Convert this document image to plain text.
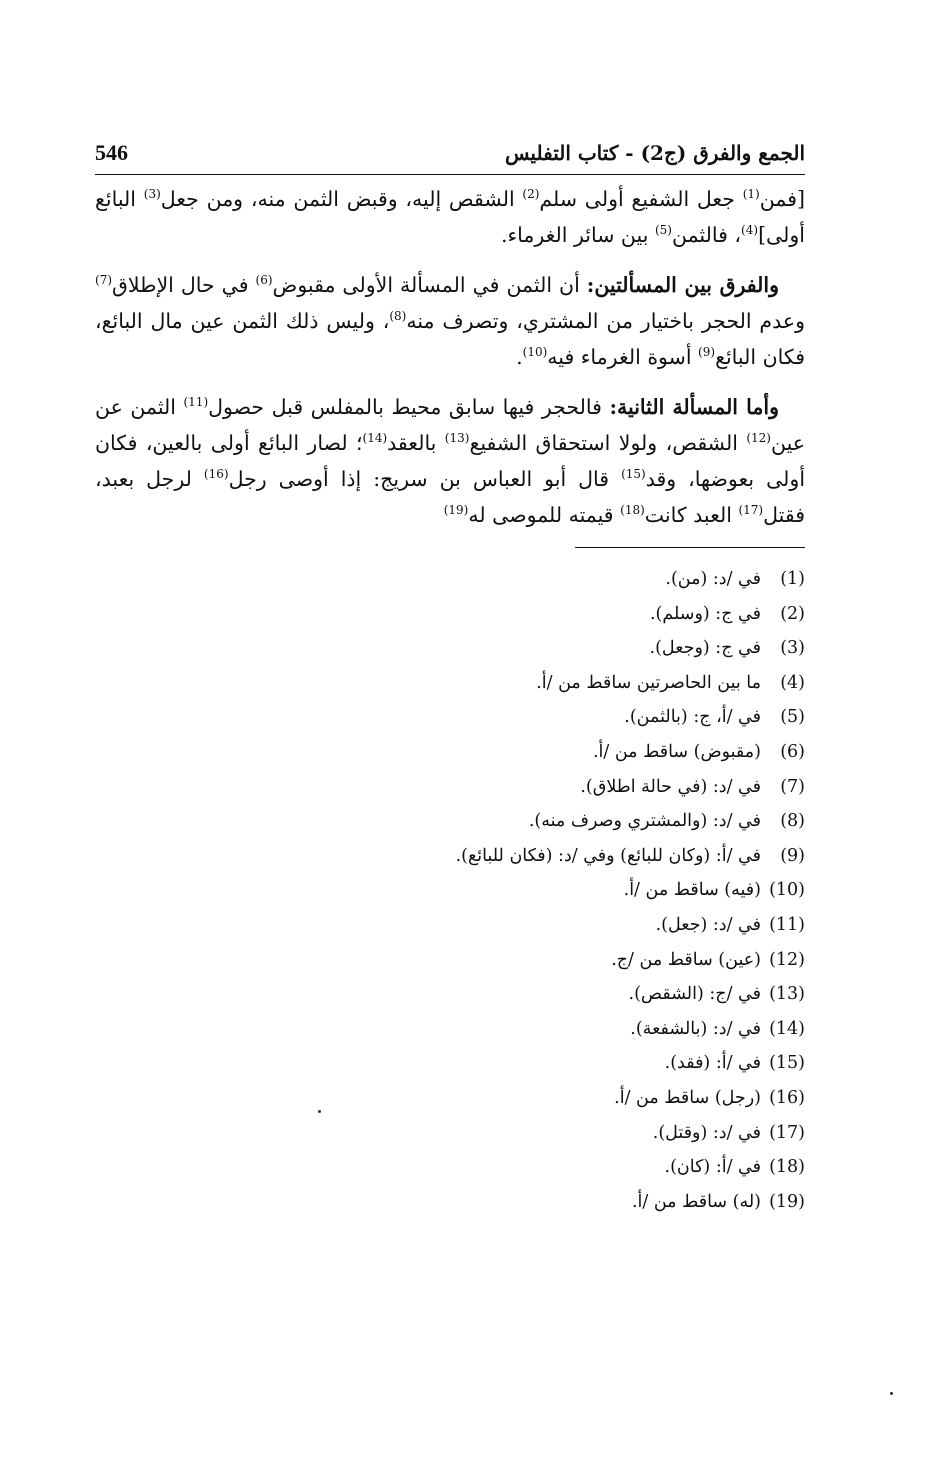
الجمع والفرق (ج2) - كتاب التفليس
546

[فمن$^{(1)}$ جعل الشفيع أولى سلم$^{(2)}$ الشقص إليه، وقبض الثمن منه، ومن جعل$^{(3)}$ البائع أولى]$^{(4)}$، فالثمن$^{(5)}$ بين سائر الغرماء.

والفرق بين المسألتين: أن الثمن في المسألة الأولى مقبوض$^{(6)}$ في حال الإطلاق$^{(7)}$ وعدم الحجر باختيار من المشتري، وتصرف منه$^{(8)}$، وليس ذلك الثمن عين مال البائع، فكان البائع$^{(9)}$ أسوة الغرماء فيه$^{(10)}$.

وأما المسألة الثانية: فالحجر فيها سابق محيط بالمفلس قبل حصول$^{(11)}$ الثمن عن عين$^{(12)}$ الشقص، ولولا استحقاق الشفيع$^{(13)}$ بالعقد$^{(14)}$؛ لصار البائع أولى بالعين، فكان أولى بعوضها، وقد$^{(15)}$ قال أبو العباس بن سريج: إذا أوصى رجل$^{(16)}$ لرجل بعبد، فقتل$^{(17)}$ العبد كانت$^{(18)}$ قيمته للموصى له$^{(19)}$

(1)
في /د: (من).
(2)
في ج: (وسلم).
(3)
في ج: (وجعل).
(4)
ما بين الحاصرتين ساقط من /أ.
(5)
في /أ، ج: (بالثمن).
(6)
(مقبوض) ساقط من /أ.
(7)
في /د: (في حالة اطلاق).
(8)
في /د: (والمشتري وصرف منه).
(9)
في /أ: (وكان للبائع) وفي /د: (فكان للبائع).
(10)
(فيه) ساقط من /أ.
(11)
في /د: (جعل).
(12)
(عين) ساقط من /ج.
(13)
في /ج: (الشقص).
(14)
في /د: (بالشفعة).
(15)
في /أ: (فقد).
(16)
(رجل) ساقط من /أ.
(17)
في /د: (وقتل).
(18)
في /أ: (كان).
(19)
(له) ساقط من /أ.
